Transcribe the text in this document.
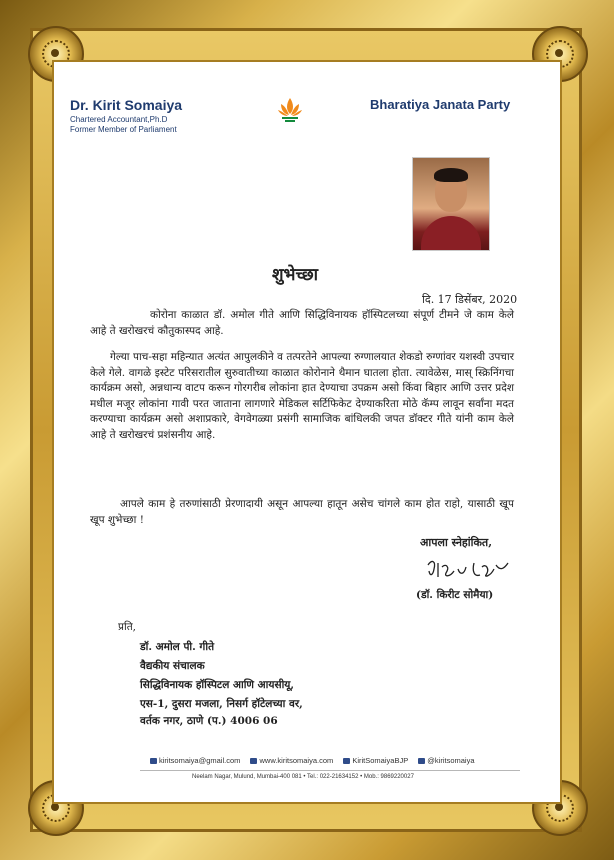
Dr. Kirit Somaiya
Chartered Accountant,Ph.D
Former Member of Parliament
Bharatiya Janata Party
शुभेच्छा
दि. 17 डिसेंबर, 2020
कोरोना काळात डॉ. अमोल गीते आणि सिद्धिविनायक हॉस्पिटलच्या संपूर्ण टीमने जे काम केले आहे ते खरोखरचं कौतुकास्पद आहे.
गेल्या पाच-सहा महिन्यात अत्यंत आपुलकीने व तत्परतेने आपल्या रुग्णालयात शेकडो रुग्णांवर यशस्वी उपचार केले गेले. वागळे इस्टेट परिसरातील सुरुवातीच्या काळात कोरोनाने थैमान घातला होता. त्यावेळेस, मास् स्क्रिनिंगचा कार्यक्रम असो, अन्नधान्य वाटप करून गोरगरीब लोकांना हात देण्याचा उपक्रम असो किंवा बिहार आणि उत्तर प्रदेश मधील मजूर लोकांना गावी परत जाताना लागणारे मेडिकल सर्टिफिकेट देण्याकरिता मोठे कॅम्प लावून सर्वांना मदत करण्याचा कार्यक्रम असो अशाप्रकारे, वेगवेगळ्या प्रसंगी सामाजिक बांधिलकी जपत डॉक्टर गीते यांनी काम केले आहे ते खरोखरचं प्रशंसनीय आहे.
आपले काम हे तरुणांसाठी प्रेरणादायी असून आपल्या हातून असेच चांगले काम होत राहो, यासाठी खूप खूप शुभेच्छा !
आपला स्नेहांकित,
(डॉ. किरीट सोमैया)
प्रति,
डॉ. अमोल पी. गीते
वैद्यकीय संचालक
सिद्धिविनायक हॉस्पिटल आणि आयसीयू,
एस-1, दुसरा मजला, निसर्ग हॉटेलच्या वर,
वर्तक नगर, ठाणे (प.) 4006 06
kiritsomaiya@gmail.com	www.kiritsomaiya.com	KiritSomaiyaBJP	@kiritsomaiya
Neelam Nagar, Mulund, Mumbai-400 081 • Tel.: 022-21634152 • Mob.: 9869220027
